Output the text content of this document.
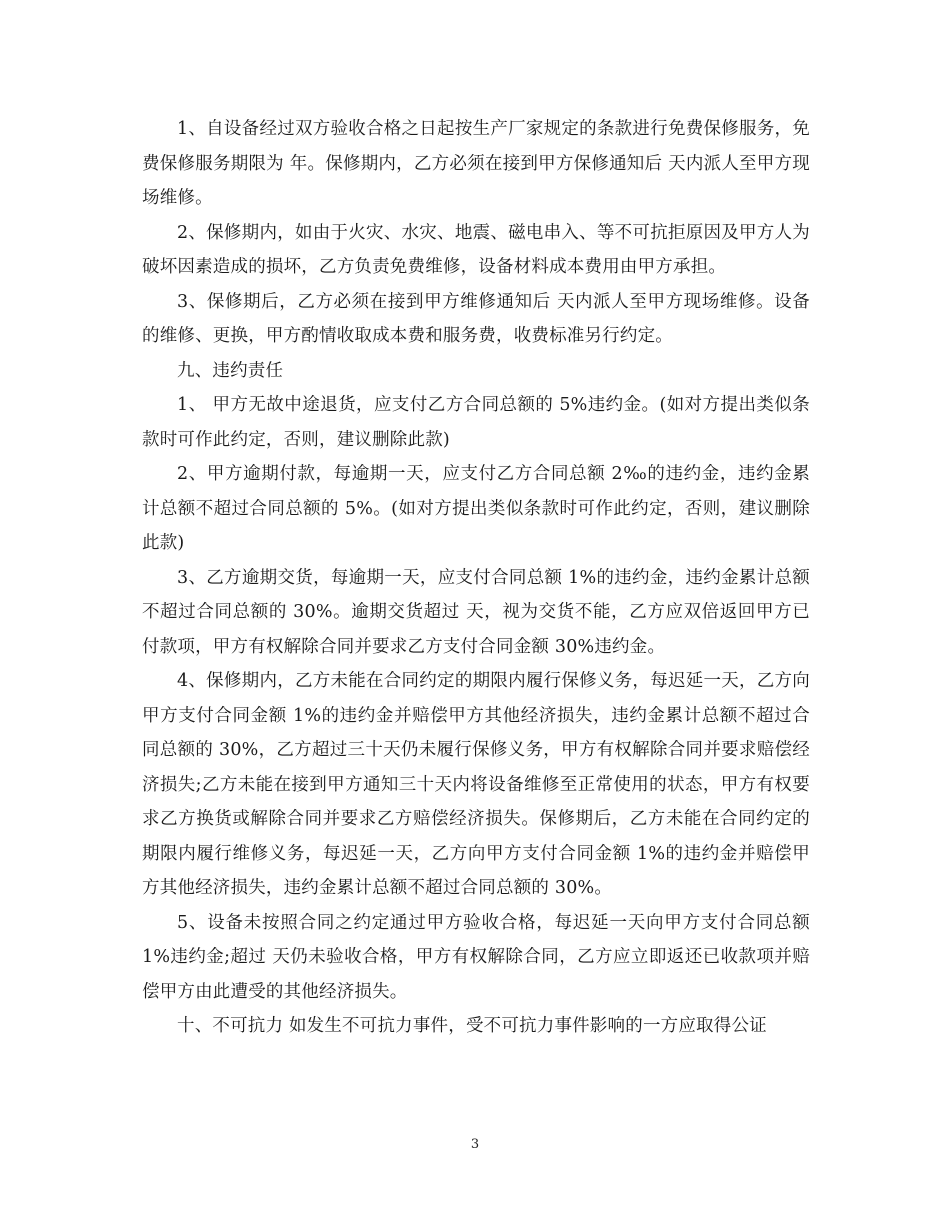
1、自设备经过双方验收合格之日起按生产厂家规定的条款进行免费保修服务，免费保修服务期限为 年。保修期内，乙方必须在接到甲方保修通知后 天内派人至甲方现场维修。

2、保修期内，如由于火灾、水灾、地震、磁电串入、等不可抗拒原因及甲方人为破坏因素造成的损坏，乙方负责免费维修，设备材料成本费用由甲方承担。

3、保修期后，乙方必须在接到甲方维修通知后 天内派人至甲方现场维修。设备的维修、更换，甲方酌情收取成本费和服务费，收费标准另行约定。

九、违约责任

1、 甲方无故中途退货，应支付乙方合同总额的 5%违约金。(如对方提出类似条款时可作此约定，否则，建议删除此款)

2、甲方逾期付款，每逾期一天，应支付乙方合同总额 2‰的违约金，违约金累计总额不超过合同总额的 5%。(如对方提出类似条款时可作此约定，否则，建议删除此款)

3、乙方逾期交货，每逾期一天，应支付合同总额 1%的违约金，违约金累计总额不超过合同总额的 30%。逾期交货超过 天，视为交货不能，乙方应双倍返回甲方已付款项，甲方有权解除合同并要求乙方支付合同金额 30%违约金。

4、保修期内，乙方未能在合同约定的期限内履行保修义务，每迟延一天，乙方向甲方支付合同金额 1%的违约金并赔偿甲方其他经济损失，违约金累计总额不超过合同总额的 30%，乙方超过三十天仍未履行保修义务，甲方有权解除合同并要求赔偿经济损失;乙方未能在接到甲方通知三十天内将设备维修至正常使用的状态，甲方有权要求乙方换货或解除合同并要求乙方赔偿经济损失。保修期后，乙方未能在合同约定的期限内履行维修义务，每迟延一天，乙方向甲方支付合同金额 1%的违约金并赔偿甲方其他经济损失，违约金累计总额不超过合同总额的 30%。

5、设备未按照合同之约定通过甲方验收合格，每迟延一天向甲方支付合同总额 1%违约金;超过 天仍未验收合格，甲方有权解除合同，乙方应立即返还已收款项并赔偿甲方由此遭受的其他经济损失。

十、不可抗力 如发生不可抗力事件，受不可抗力事件影响的一方应取得公证

3
